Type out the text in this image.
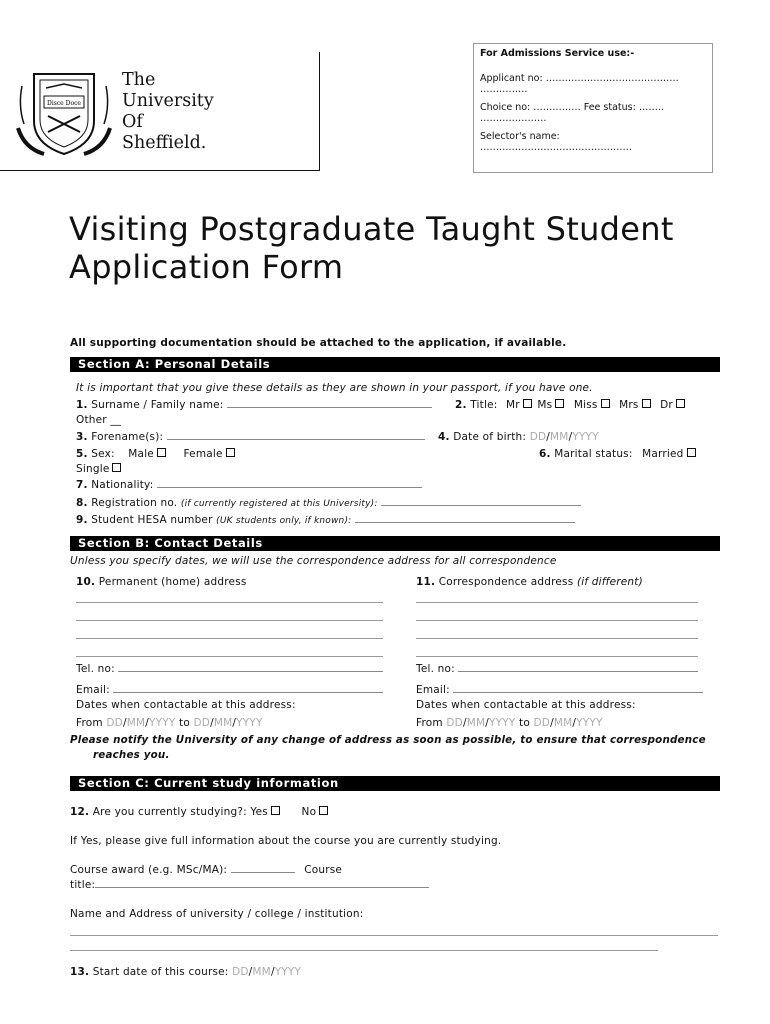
Disce Doce
The
University
Of
Sheffield.
For Admissions Service use:-
Applicant no: ……………………………………
……………
Choice no: …………… Fee status: ……..
…………………
Selector's name:
…………………………………………
Visiting Postgraduate Taught Student
Application Form
All supporting documentation should be attached to the application, if available.
Section A: Personal Details
It is important that you give these details as they are shown in your passport, if you have one.
1. Surname / Family name:	2. Title: Mr Ms Miss Mrs Dr
Other __
3. Forename(s):	4. Date of birth: DD/MM/YYYY
5. Sex: Male	Female	6. Marital status: Married
Single
7. Nationality:
8. Registration no. (if currently registered at this University):
9. Student HESA number (UK students only, if known):
Section B: Contact Details
Unless you specify dates, we will use the correspondence address for all correspondence
10. Permanent (home) address	11. Correspondence address (if different)
Tel. no:	Tel. no:
Email:	Email:
Dates when contactable at this address:	Dates when contactable at this address:
From DD/MM/YYYY to DD/MM/YYYY	From DD/MM/YYYY to DD/MM/YYYY
Please notify the University of any change of address as soon as possible, to ensure that correspondence
reaches you.
Section C: Current study information
12. Are you currently studying?: Yes	No
If Yes, please give full information about the course you are currently studying.
Course award (e.g. MSc/MA):	Course
title:
Name and Address of university / college / institution:
13. Start date of this course: DD/MM/YYYY
